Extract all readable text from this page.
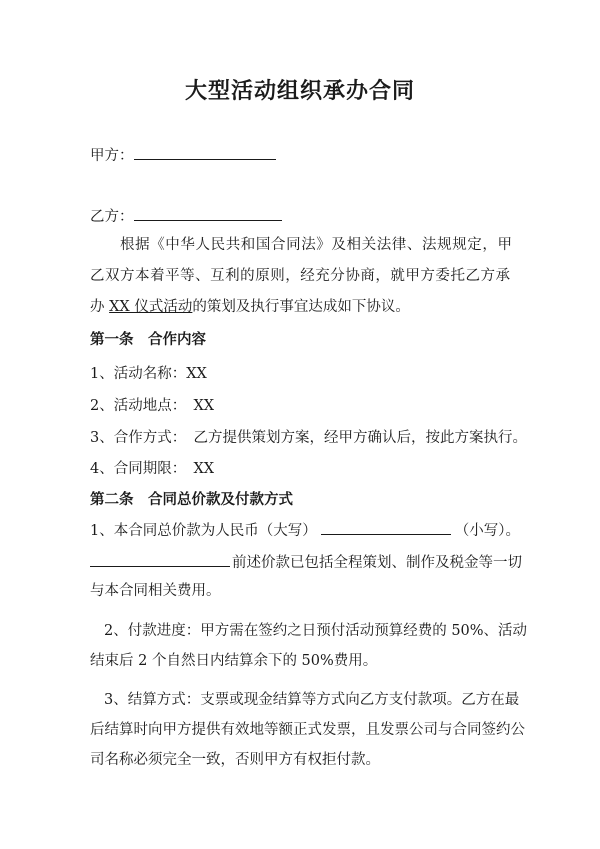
大型活动组织承办合同
甲方：
乙方：
根据《中华人民共和国合同法》及相关法律、法规规定，甲
乙双方本着平等、互利的原则，经充分协商，就甲方委托乙方承
办 XX 仪式活动的策划及执行事宜达成如下协议。
第一条　合作内容
1、活动名称：XX
2、活动地点：　XX
3、合作方式：　乙方提供策划方案，经甲方确认后，按此方案执行。
4、合同期限：　XX
第二条　合同总价款及付款方式
1、本合同总价款为人民币（大写）	（小写）。
前述价款已包括全程策划、制作及税金等一切
与本合同相关费用。
2、付款进度：甲方需在签约之日预付活动预算经费的 50%、活动
结束后 2 个自然日内结算余下的 50%费用。
3、结算方式：支票或现金结算等方式向乙方支付款项。乙方在最
后结算时向甲方提供有效地等额正式发票，且发票公司与合同签约公
司名称必须完全一致，否则甲方有权拒付款。
